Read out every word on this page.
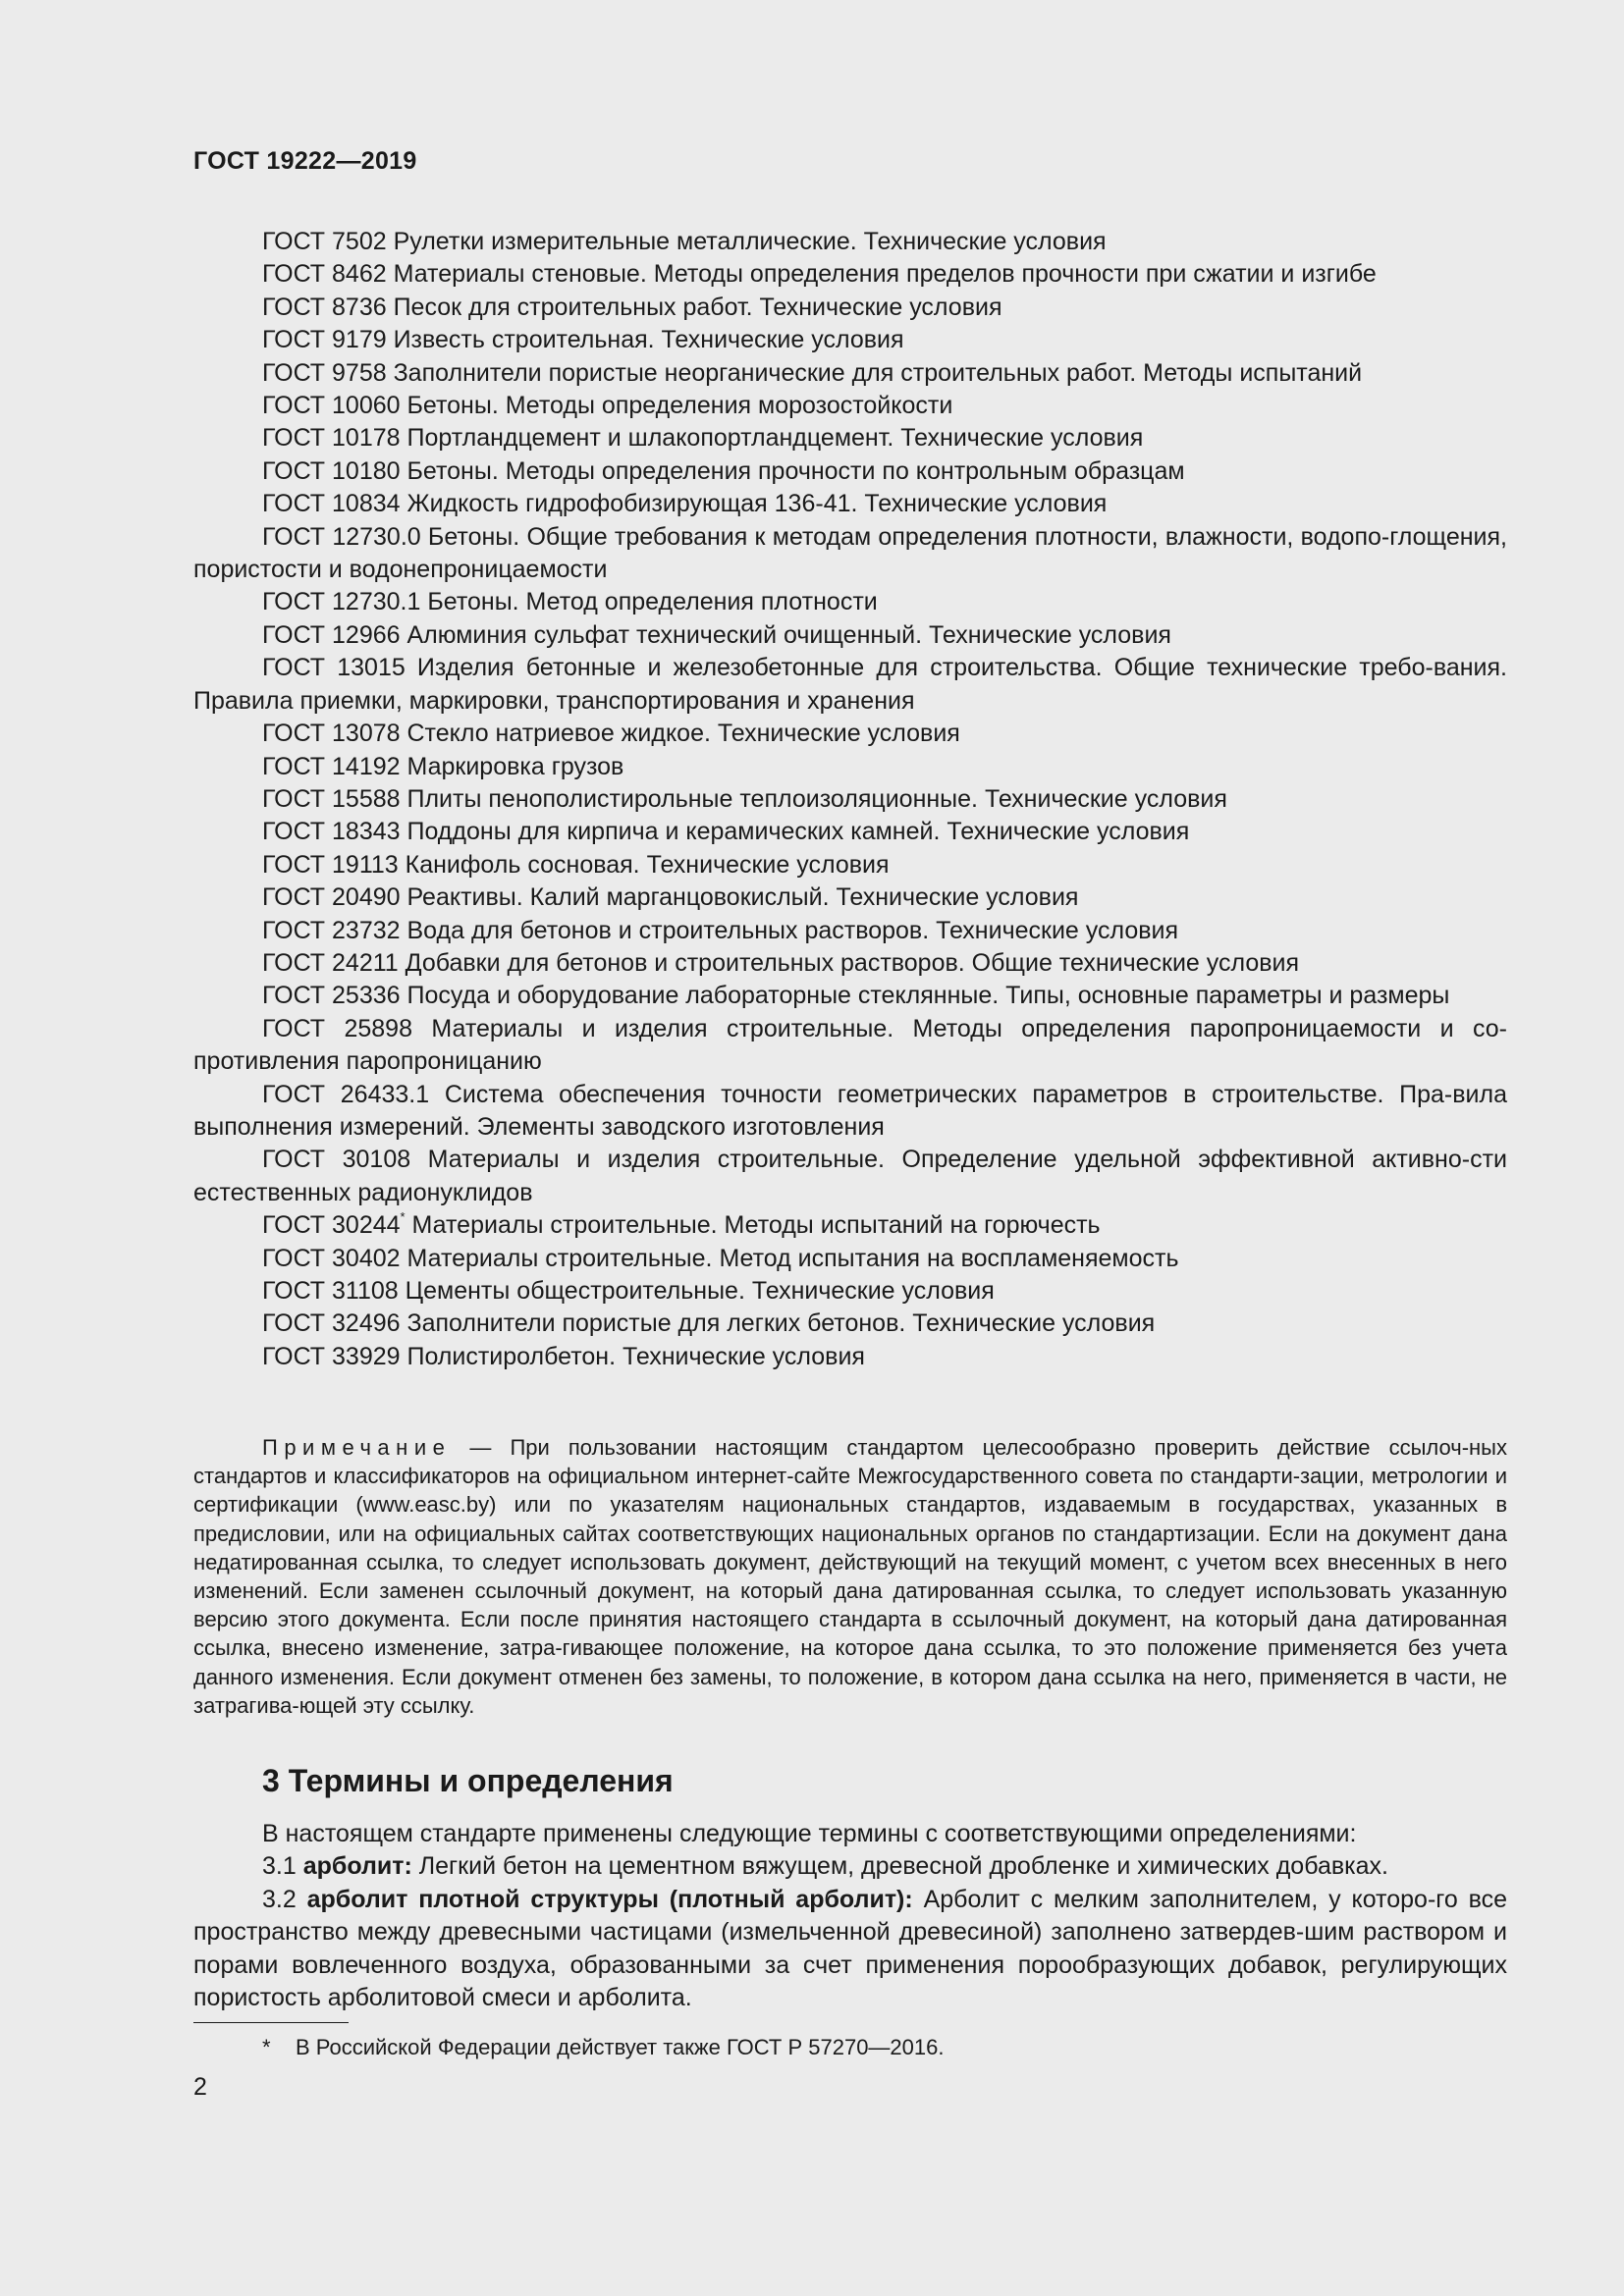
ГОСТ 19222—2019

ГОСТ 7502 Рулетки измерительные металлические. Технические условия

ГОСТ 8462 Материалы стеновые. Методы определения пределов прочности при сжатии и изгибе

ГОСТ 8736 Песок для строительных работ. Технические условия

ГОСТ 9179 Известь строительная. Технические условия

ГОСТ 9758 Заполнители пористые неорганические для строительных работ. Методы испытаний

ГОСТ 10060 Бетоны. Методы определения морозостойкости

ГОСТ 10178 Портландцемент и шлакопортландцемент. Технические условия

ГОСТ 10180 Бетоны. Методы определения прочности по контрольным образцам

ГОСТ 10834 Жидкость гидрофобизирующая 136-41. Технические условия

ГОСТ 12730.0 Бетоны. Общие требования к методам определения плотности, влажности, водопо-глощения, пористости и водонепроницаемости

ГОСТ 12730.1 Бетоны. Метод определения плотности

ГОСТ 12966 Алюминия сульфат технический очищенный. Технические условия

ГОСТ 13015 Изделия бетонные и железобетонные для строительства. Общие технические требо-вания. Правила приемки, маркировки, транспортирования и хранения

ГОСТ 13078 Стекло натриевое жидкое. Технические условия

ГОСТ 14192 Маркировка грузов

ГОСТ 15588 Плиты пенополистирольные теплоизоляционные. Технические условия

ГОСТ 18343 Поддоны для кирпича и керамических камней. Технические условия

ГОСТ 19113 Канифоль сосновая. Технические условия

ГОСТ 20490 Реактивы. Калий марганцовокислый. Технические условия

ГОСТ 23732 Вода для бетонов и строительных растворов. Технические условия

ГОСТ 24211 Добавки для бетонов и строительных растворов. Общие технические условия

ГОСТ 25336 Посуда и оборудование лабораторные стеклянные. Типы, основные параметры и размеры

ГОСТ 25898 Материалы и изделия строительные. Методы определения паропроницаемости и со-противления паропроницанию

ГОСТ 26433.1 Система обеспечения точности геометрических параметров в строительстве. Пра-вила выполнения измерений. Элементы заводского изготовления

ГОСТ 30108 Материалы и изделия строительные. Определение удельной эффективной активно-сти естественных радионуклидов

ГОСТ 30244* Материалы строительные. Методы испытаний на горючесть

ГОСТ 30402 Материалы строительные. Метод испытания на воспламеняемость

ГОСТ 31108 Цементы общестроительные. Технические условия

ГОСТ 32496 Заполнители пористые для легких бетонов. Технические условия

ГОСТ 33929 Полистиролбетон. Технические условия

Примечание — При пользовании настоящим стандартом целесообразно проверить действие ссылоч-ных стандартов и классификаторов на официальном интернет-сайте Межгосударственного совета по стандарти-зации, метрологии и сертификации (www.easc.by) или по указателям национальных стандартов, издаваемым в государствах, указанных в предисловии, или на официальных сайтах соответствующих национальных органов по стандартизации. Если на документ дана недатированная ссылка, то следует использовать документ, действующий на текущий момент, с учетом всех внесенных в него изменений. Если заменен ссылочный документ, на который дана датированная ссылка, то следует использовать указанную версию этого документа. Если после принятия настоящего стандарта в ссылочный документ, на который дана датированная ссылка, внесено изменение, затра-гивающее положение, на которое дана ссылка, то это положение применяется без учета данного изменения. Если документ отменен без замены, то положение, в котором дана ссылка на него, применяется в части, не затрагива-ющей эту ссылку.

3 Термины и определения

В настоящем стандарте применены следующие термины с соответствующими определениями:

3.1 арболит: Легкий бетон на цементном вяжущем, древесной дробленке и химических добавках.

3.2 арболит плотной структуры (плотный арболит): Арболит с мелким заполнителем, у которо-го все пространство между древесными частицами (измельченной древесиной) заполнено затвердев-шим раствором и порами вовлеченного воздуха, образованными за счет применения порообразующих добавок, регулирующих пористость арболитовой смеси и арболита.

* В Российской Федерации действует также ГОСТ Р 57270—2016.
2
